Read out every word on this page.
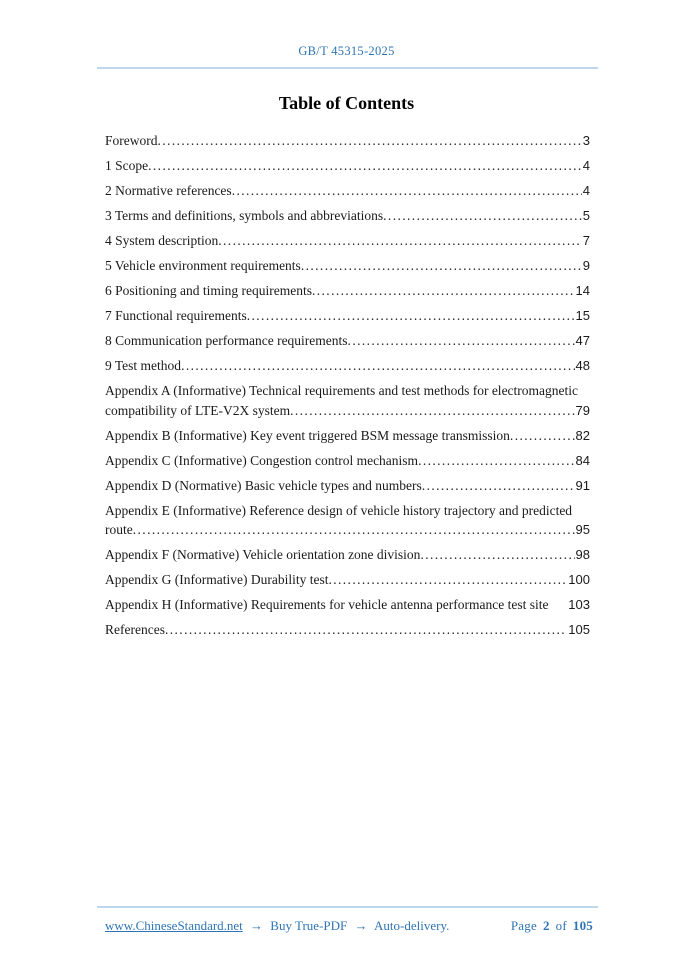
GB/T 45315-2025
Table of Contents
Foreword .....	3
1 Scope .....	4
2 Normative references .....	4
3 Terms and definitions, symbols and abbreviations .....	5
4 System description .....	7
5 Vehicle environment requirements .....	9
6 Positioning and timing requirements .....	14
7 Functional requirements .....	15
8 Communication performance requirements .....	47
9 Test method .....	48
Appendix A (Informative) Technical requirements and test methods for electromagnetic
compatibility of LTE-V2X system .....	79
Appendix B (Informative) Key event triggered BSM message transmission .....	82
Appendix C (Informative) Congestion control mechanism .....	84
Appendix D (Normative) Basic vehicle types and numbers .....	91
Appendix E (Informative) Reference design of vehicle history trajectory and predicted
route .....	95
Appendix F (Normative) Vehicle orientation zone division .....	98
Appendix G (Informative) Durability test .....	100
Appendix H (Informative) Requirements for vehicle antenna performance test site 103
References .....	105
www.ChineseStandard.net → Buy True-PDF → Auto-delivery.	Page 2 of 105
